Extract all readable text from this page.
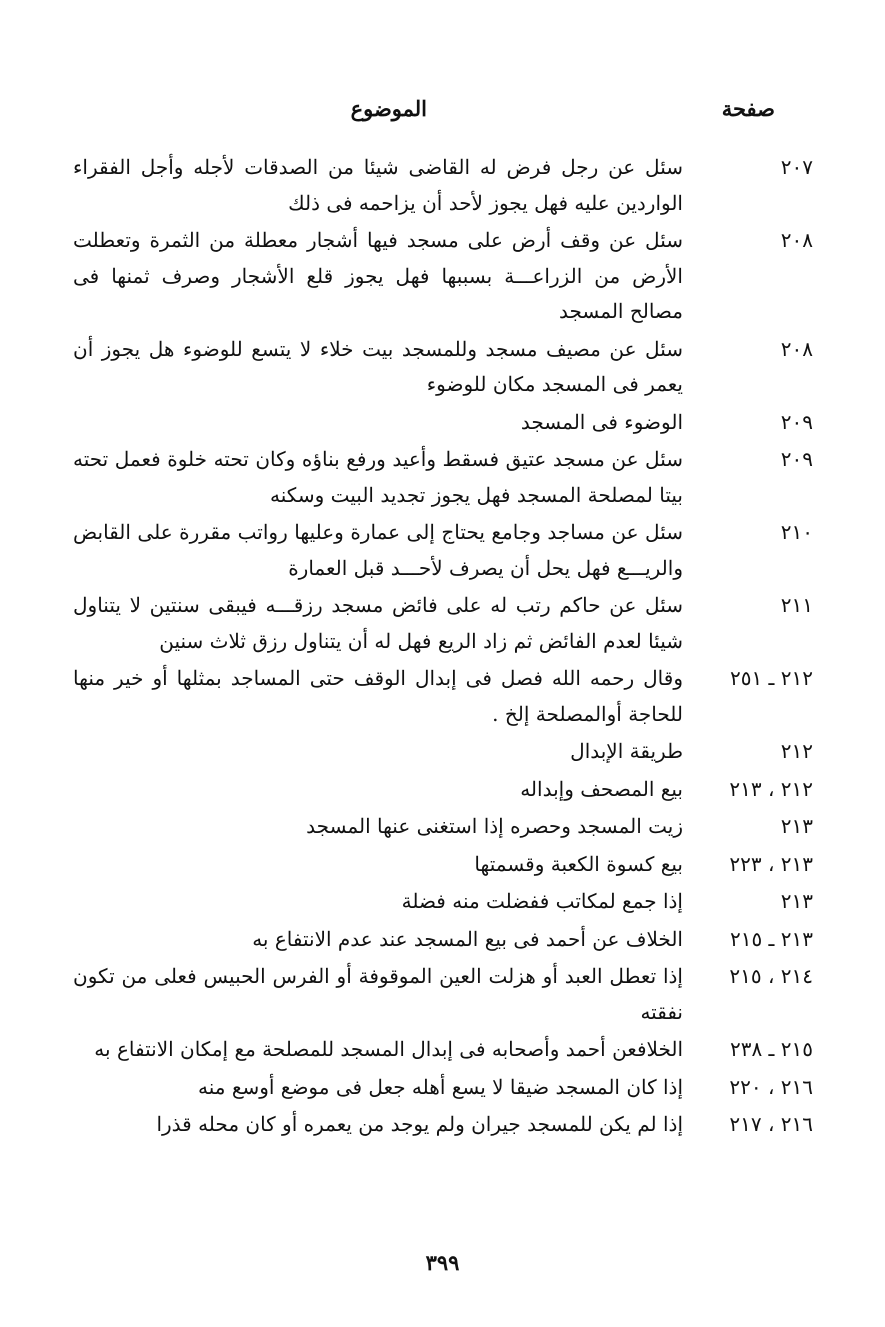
صفحة
الموضوع
٢٠٧
سئل عن رجل فرض له القاضى شيئا من الصدقات لأجله وأجل الفقراء الواردين عليه فهل يجوز لأحد أن يزاحمه فى ذلك
٢٠٨
سئل عن وقف أرض على مسجد فيها أشجار معطلة من الثمرة وتعطلت الأرض من الزراعـــة بسببها فهل يجوز قلع الأشجار وصرف ثمنها فى مصالح المسجد
٢٠٨
سئل عن مصيف مسجد وللمسجد بيت خلاء لا يتسع للوضوء هل يجوز أن يعمر فى المسجد مكان للوضوء
٢٠٩
الوضوء فى المسجد
٢٠٩
سئل عن مسجد عتيق فسقط وأعيد ورفع بناؤه وكان تحته خلوة فعمل تحته بيتا لمصلحة المسجد فهل يجوز تجديد البيت وسكنه
٢١٠
سئل عن مساجد وجامع يحتاج إلى عمارة وعليها رواتب مقررة على القابض والريـــع فهل يحل أن يصرف لأحـــد قبل العمارة
٢١١
سئل عن حاكم رتب له على فائض مسجد رزقـــه فيبقى سنتين لا يتناول شيئا لعدم الفائض ثم زاد الريع فهل له أن يتناول رزق ثلاث سنين
٢١٢ ـ ٢٥١
وقال رحمه الله فصل فى إبدال الوقف حتى المساجد بمثلها أو خير منها للحاجة أوالمصلحة إلخ .
٢١٢
طريقة الإبدال
٢١٢ ، ٢١٣
بيع المصحف وإبداله
٢١٣
زيت المسجد وحصره إذا استغنى عنها المسجد
٢١٣ ، ٢٢٣
بيع كسوة الكعبة وقسمتها
٢١٣
إذا جمع لمكاتب ففضلت منه فضلة
٢١٣ ـ ٢١٥
الخلاف عن أحمد فى بيع المسجد عند عدم الانتفاع به
٢١٤ ، ٢١٥
إذا تعطل العبد أو هزلت العين الموقوفة أو الفرس الحبيس فعلى من تكون نفقته
٢١٥ ـ ٢٣٨
الخلافعن أحمد وأصحابه فى إبدال المسجد للمصلحة مع إمكان الانتفاع به
٢١٦ ، ٢٢٠
إذا كان المسجد ضيقا لا يسع أهله جعل فى موضع أوسع منه
٢١٦ ، ٢١٧
إذا لم يكن للمسجد جيران ولم يوجد من يعمره أو كان محله قذرا
٣٩٩
